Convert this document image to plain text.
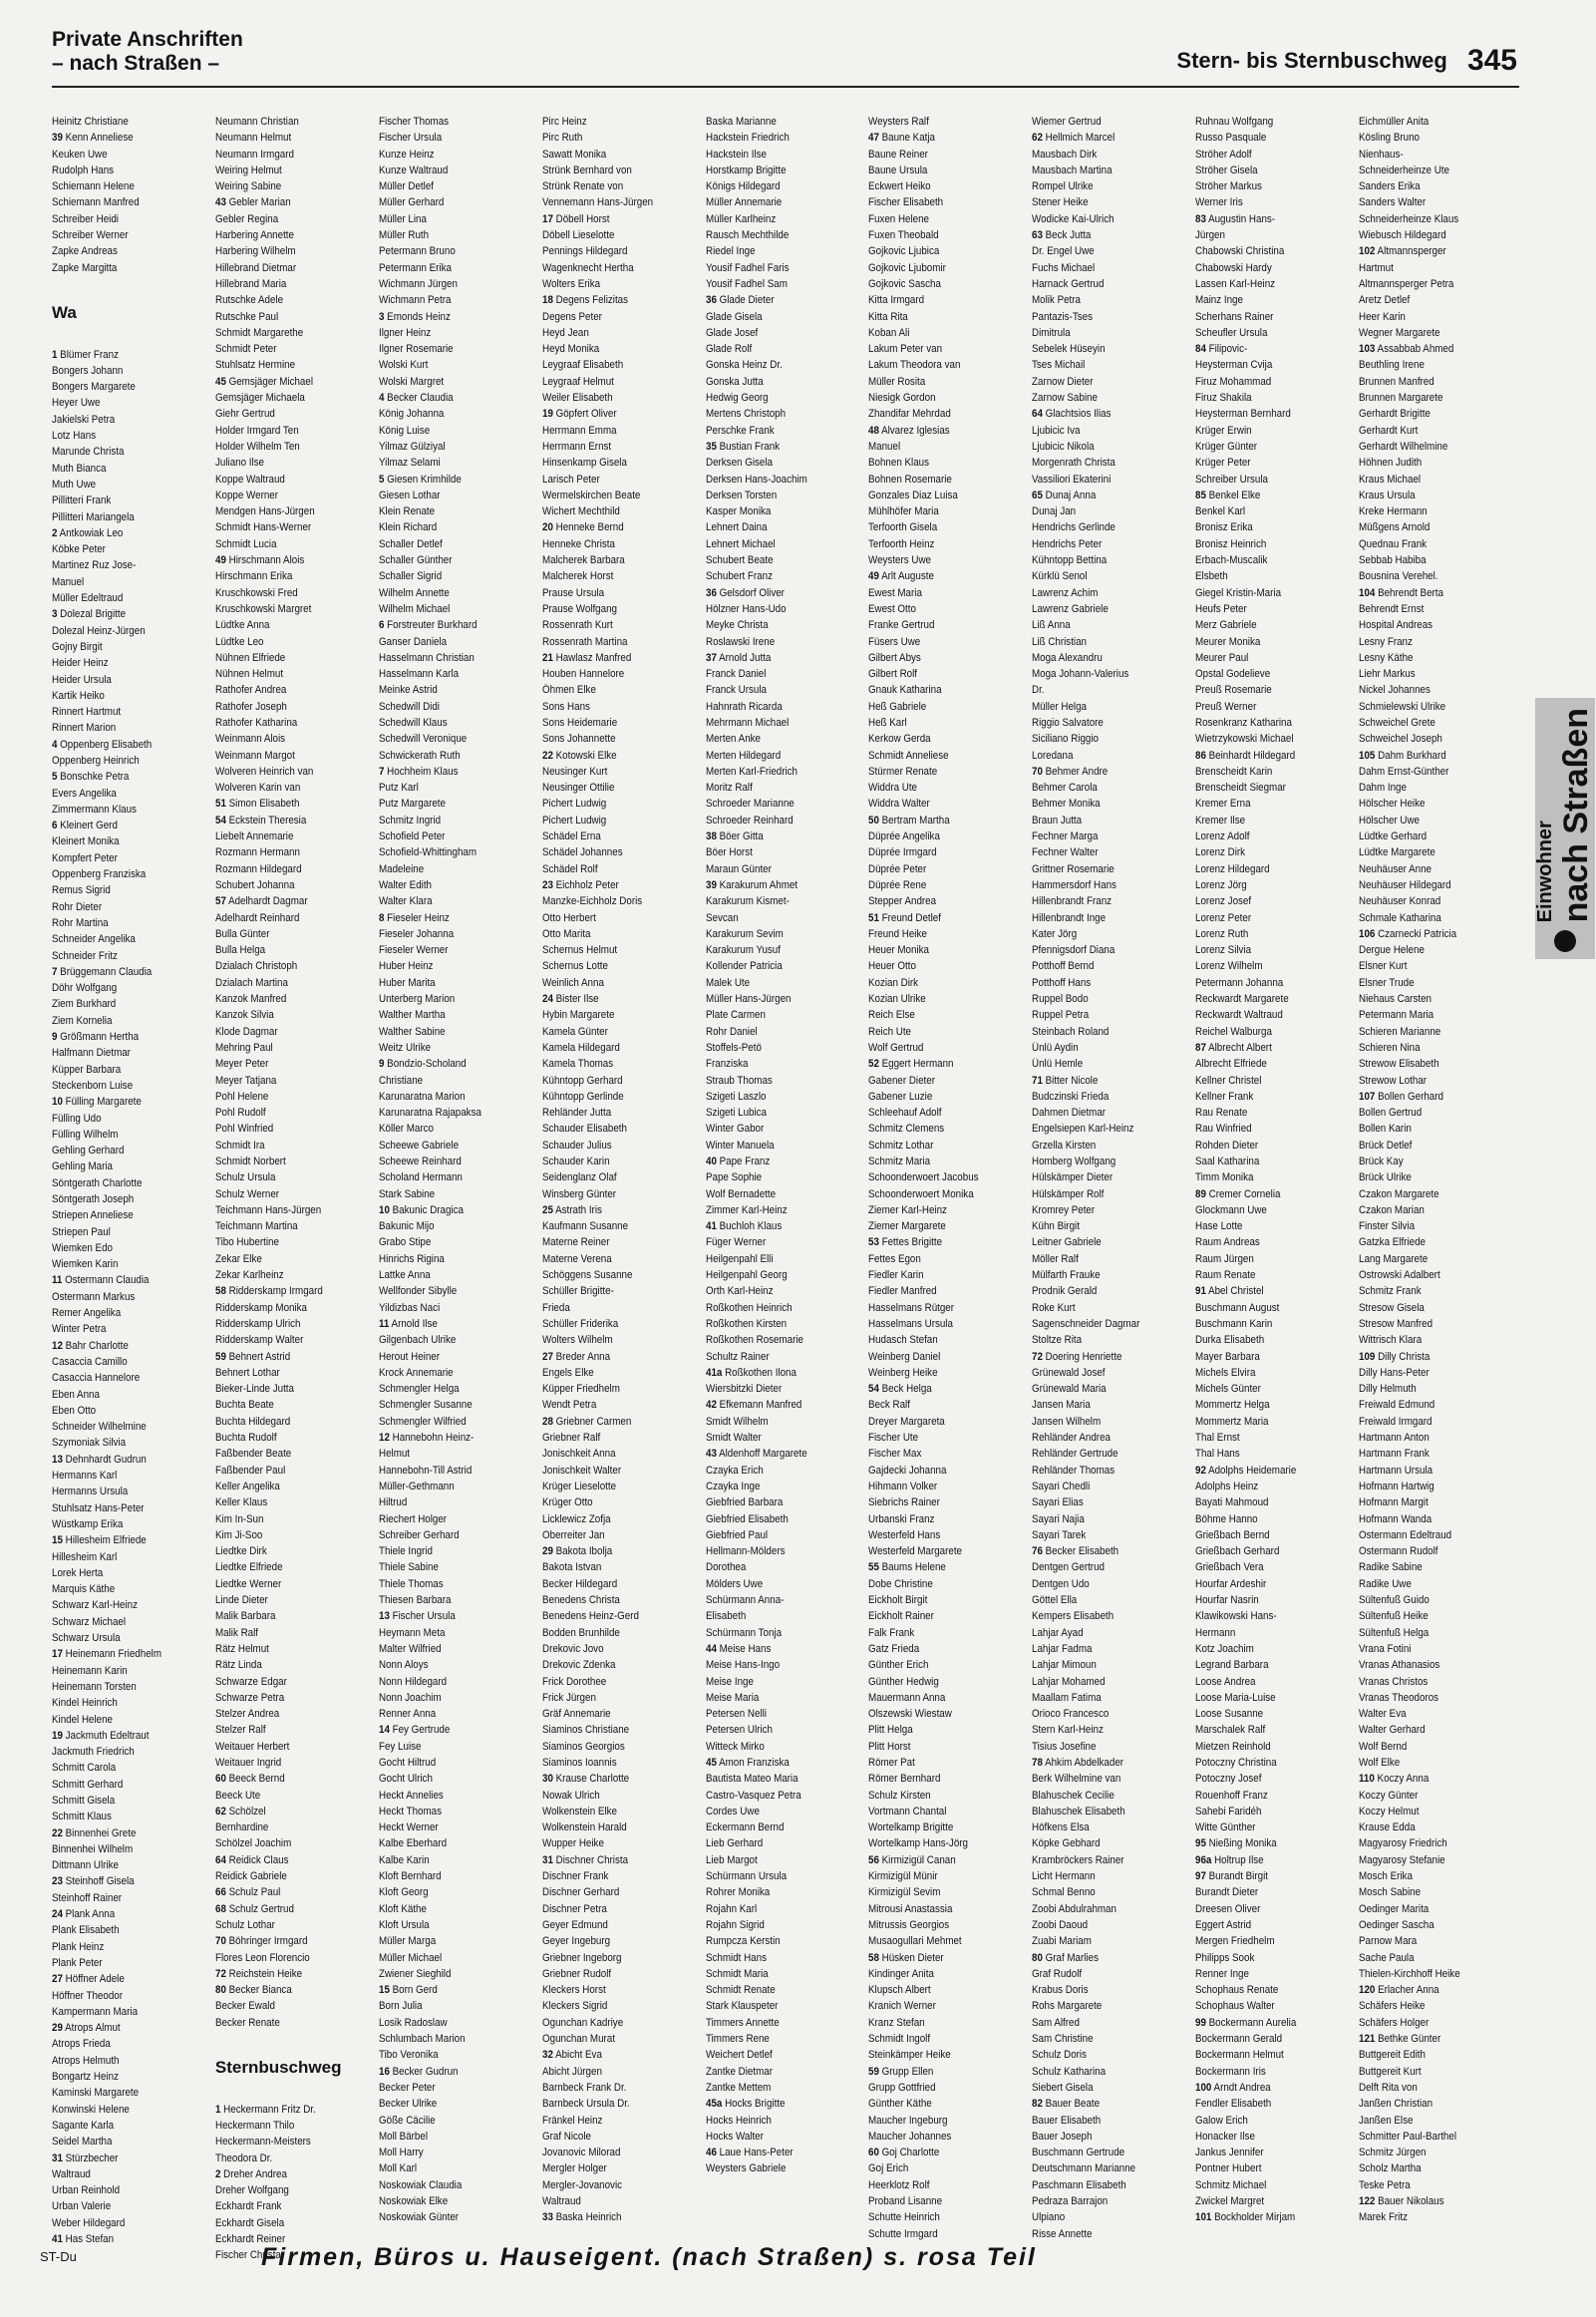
Private Anschriften
– nach Straßen –	Stern- bis Sternbuschweg 345
Heinitz Christiane
39 Kenn Anneliese
Keuken Uwe
Rudolph Hans
Schiemann Helene
Schiemann Manfred
Schreiber Heidi
Schreiber Werner
Zapke Andreas
Zapke Margitta

Wa

1 Blümer Franz
Bongers Johann
Bongers Margarete
Heyer Uwe
Jakielski Petra
Lotz Hans
Marunde Christa
Muth Bianca
Muth Uwe
Pillitteri Frank
Pillitteri Mariangela
2 Antkowiak Leo
Köbke Peter
Martinez Ruz Jose-
Manuel
Müller Edeltraud
3 Dolezal Brigitte
Dolezal Heinz-Jürgen
Gojny Birgit
Heider Heinz
Heider Ursula
Kartik Heiko
Rinnert Hartmut
Rinnert Marion
4 Oppenberg Elisabeth
Oppenberg Heinrich
5 Bonschke Petra
Evers Angelika
Zimmermann Klaus
6 Kleinert Gerd
Kleinert Monika
Kompfert Peter
Oppenberg Franziska
Remus Sigrid
Rohr Dieter
Rohr Martina
Schneider Angelika
Schneider Fritz
7 Brüggemann Claudia
Döhr Wolfgang
Ziem Burkhard
Ziem Kornelia
9 Größmann Hertha
Halfmann Dietmar
Küpper Barbara
Steckenborn Luise
10 Fülling Margarete
Fülling Udo
Fülling Wilhelm
Gehling Gerhard
Gehling Maria
Söntgerath Charlotte
Söntgerath Joseph
Striepen Anneliese
Striepen Paul
Wiemken Edo
Wiemken Karin
11 Ostermann Claudia
Ostermann Markus
Remer Angelika
Winter Petra
12 Bahr Charlotte
Casaccia Camillo
Casaccia Hannelore
Eben Anna
Eben Otto
Schneider Wilhelmine
Szymoniak Silvia
13 Dehnhardt Gudrun
Hermanns Karl
Hermanns Ursula
Stuhlsatz Hans-Peter
Wüstkamp Erika
15 Hillesheim Elfriede
Hillesheim Karl
Lorek Herta
Marquis Käthe
Schwarz Karl-Heinz
Schwarz Michael
Schwarz Ursula
17 Heinemann Friedhelm
Heinemann Karin
Heinemann Torsten
Kindel Heinrich
Kindel Helene
19 Jackmuth Edeltraut
Jackmuth Friedrich
Schmitt Carola
Schmitt Gerhard
Schmitt Gisela
Schmitt Klaus
22 Binnenhei Grete
Binnenhei Wilhelm
Dittmann Ulrike
23 Steinhoff Gisela
Steinhoff Rainer
24 Plank Anna
Plank Elisabeth
Plank Heinz
Plank Peter
27 Höffner Adele
Höffner Theodor
Kampermann Maria
29 Atrops Almut
Atrops Frieda
Atrops Helmuth
Bongartz Heinz
Kaminski Margarete
Konwinski Helene
Sagante Karla
Seidel Martha
31 Stürzbecher
Waltraud
Urban Reinhold
Urban Valerie
Weber Hildegard
41 Has Stefan
Neumann Christian
Neumann Helmut
Neumann Irmgard
Weiring Helmut
Weiring Sabine
43 Gebler Marian
Gebler Regina
Harbering Annette
Harbering Wilhelm
Hillebrand Dietmar
Hillebrand Maria
Rutschke Adele
Rutschke Paul
Schmidt Margarethe
Schmidt Peter
Stuhlsatz Hermine
45 Gemsjäger Michael
Gemsjäger Michaela
Giehr Gertrud
Holder Irmgard Ten
Holder Wilhelm Ten
Juliano Ilse
Koppe Waltraud
Koppe Werner
Mendgen Hans-Jürgen
Schmidt Hans-Werner
Schmidt Lucia
49 Hirschmann Alois
Hirschmann Erika
Kruschkowski Fred
Kruschkowski Margret
Lüdtke Anna
Lüdtke Leo
Nühnen Elfriede
Nühnen Helmut
Rathofer Andrea
Rathofer Joseph
Rathofer Katharina
Weinmann Alois
Weinmann Margot
Wolveren Heinrich van
Wolveren Karin van
51 Simon Elisabeth
54 Eckstein Theresia
Liebelt Annemarie
Rozmann Hermann
Rozmann Hildegard
Schubert Johanna
57 Adelhardt Dagmar
Adelhardt Reinhard
Bulla Günter
Bulla Helga
Dzialach Christoph
Dzialach Martina
Kanzok Manfred
Kanzok Silvia
Klode Dagmar
Mehring Paul
Meyer Peter
Meyer Tatjana
Pohl Helene
Pohl Rudolf
Pohl Winfried
Schmidt Ira
Schmidt Norbert
Schulz Ursula
Schulz Werner
Teichmann Hans-Jürgen
Teichmann Martina
Tibo Hubertine
Zekar Elke
Zekar Karlheinz
58 Ridderskamp Irmgard
Ridderskamp Monika
Ridderskamp Ulrich
Ridderskamp Walter
59 Behnert Astrid
Behnert Lothar
Bieker-Linde Jutta
Buchta Beate
Buchta Hildegard
Buchta Rudolf
Faßbender Beate
Faßbender Paul
Keller Angelika
Keller Klaus
Kim In-Sun
Kim Ji-Soo
Liedtke Dirk
Liedtke Elfriede
Liedtke Werner
Linde Dieter
Malik Barbara
Malik Ralf
Rätz Helmut
Rätz Linda
Schwarze Edgar
Schwarze Petra
Stelzer Andrea
Stelzer Ralf
Weitauer Herbert
Weitauer Ingrid
60 Beeck Bernd
Beeck Ute
62 Schölzel
Bernhardine
Schölzel Joachim
64 Reidick Claus
Reidick Gabriele
66 Schulz Paul
68 Schulz Gertrud
Schulz Lothar
70 Böhringer Irmgard
Flores Leon Florencio
72 Reichstein Heike
80 Becker Bianca
Becker Ewald
Becker Renate

Sternbuschweg

1 Heckermann Fritz Dr.
Heckermann Thilo
Heckermann-Meisters
Theodora Dr.
2 Dreher Andrea
Dreher Wolfgang
Eckhardt Frank
Eckhardt Gisela
Eckhardt Reiner
Fischer Christa
Fischer Thomas
Fischer Ursula
Kunze Heinz
Kunze Waltraud
Müller Detlef
Müller Gerhard
Müller Lina
Müller Ruth
Petermann Bruno
Petermann Erika
Wichmann Jürgen
Wichmann Petra
3 Emonds Heinz
Ilgner Heinz
Ilgner Rosemarie
Wolski Kurt
Wolski Margret
4 Becker Claudia
König Johanna
König Luise
Yilmaz Gülziyal
Yilmaz Selami
5 Giesen Krimhilde
Giesen Lothar
Klein Renate
Klein Richard
Schaller Detlef
Schaller Günther
Schaller Sigrid
Wilhelm Annette
Wilhelm Michael
6 Forstreuter Burkhard
Ganser Daniela
Hasselmann Christian
Hasselmann Karla
Meinke Astrid
Schedwill Didi
Schedwill Klaus
Schedwill Veronique
Schwickerath Ruth
7 Hochheim Klaus
Putz Karl
Putz Margarete
Schmitz Ingrid
Schofield Peter
Schofield-Whittingham
Madeleine
Walter Edith
Walter Klara
8 Fieseler Heinz
Fieseler Johanna
Fieseler Werner
Huber Heinz
Huber Marita
Unterberg Marion
Walther Martha
Walther Sabine
Weitz Ulrike
9 Bondzio-Scholand
Christiane
Karunaratna Marion
Karunaratna Rajapaksa
Köller Marco
Scheewe Gabriele
Scheewe Reinhard
Scholand Hermann
Stark Sabine
10 Bakunic Dragica
Bakunic Mijo
Grabo Stipe
Hinrichs Rigina
Lattke Anna
Wellfonder Sibylle
Yildizbas Naci
11 Arnold Ilse
Gilgenbach Ulrike
Herout Heiner
Krock Annemarie
Schmengler Helga
Schmengler Susanne
Schmengler Wilfried
12 Hannebohn Heinz-
Helmut
Hannebohn-Till Astrid
Müller-Gethmann
Hiltrud
Riechert Holger
Schreiber Gerhard
Thiele Ingrid
Thiele Sabine
Thiele Thomas
Thiesen Barbara
13 Fischer Ursula
Heymann Meta
Malter Wilfried
Nonn Aloys
Nonn Hildegard
Nonn Joachim
Renner Anna
14 Fey Gertrude
Fey Luise
Gocht Hiltrud
Gocht Ulrich
Heckt Annelies
Heckt Thomas
Heckt Werner
Kalbe Eberhard
Kalbe Karin
Kloft Bernhard
Kloft Georg
Kloft Käthe
Kloft Ursula
Müller Marga
Müller Michael
Zwiener Sieghild
15 Born Gerd
Born Julia
Losik Radoslaw
Schlumbach Marion
Tibo Veronika
16 Becker Gudrun
Becker Peter
Becker Ulrike
Göße Cäcilie
Moll Bärbel
Moll Harry
Moll Karl
Noskowiak Claudia
Noskowiak Elke
Noskowiak Günter
Pirc Heinz
Pirc Ruth
Sawatt Monika
Strünk Bernhard von
Strünk Renate von
Vennemann Hans-Jürgen
17 Döbell Horst
Döbell Lieselotte
Pennings Hildegard
Wagenknecht Hertha
Wolters Erika
18 Degens Felizitas
Degens Peter
Heyd Jean
Heyd Monika
Leygraaf Elisabeth
Leygraaf Helmut
Weiler Elisabeth
19 Göpfert Oliver
Herrmann Emma
Herrmann Ernst
Hinsenkamp Gisela
Larisch Peter
Wermelskirchen Beate
Wichert Mechthild
20 Henneke Bernd
Henneke Christa
Malcherek Barbara
Malcherek Horst
Prause Ursula
Prause Wolfgang
Rossenrath Kurt
Rossenrath Martina
21 Hawlasz Manfred
Houben Hannelore
Öhmen Elke
Sons Hans
Sons Heidemarie
Sons Johannette
22 Kotowski Elke
Neusinger Kurt
Neusinger Ottilie
Pichert Ludwig
Pichert Ludwig
Schädel Erna
Schädel Johannes
Schädel Rolf
23 Eichholz Peter
Manzke-Eichholz Doris
Otto Herbert
Otto Marita
Schernus Helmut
Schernus Lotte
Weinlich Anna
24 Bister Ilse
Hybin Margarete
Kamela Günter
Kamela Hildegard
Kamela Thomas
Kühntopp Gerhard
Kühntopp Gerlinde
Rehländer Jutta
Schauder Elisabeth
Schauder Julius
Schauder Karin
Seidenglanz Olaf
Winsberg Günter
25 Astrath Iris
Kaufmann Susanne
Materne Reiner
Materne Verena
Schöggens Susanne
Schüller Brigitte-
Frieda
Schüller Friderika
Wolters Wilhelm
27 Breder Anna
Engels Elke
Küpper Friedhelm
Wendt Petra
28 Griebner Carmen
Griebner Ralf
Jonischkeit Anna
Jonischkeit Walter
Krüger Lieselotte
Krüger Otto
Licklewicz Zofja
Oberreiter Jan
29 Bakota Ibolja
Bakota Istvan
Becker Hildegard
Benedens Christa
Benedens Heinz-Gerd
Bodden Brunhilde
Drekovic Jovo
Drekovic Zdenka
Frick Dorothee
Frick Jürgen
Gräf Annemarie
Siaminos Christiane
Siaminos Georgios
Siaminos Ioannis
30 Krause Charlotte
Nowak Ulrich
Wolkenstein Elke
Wolkenstein Harald
Wupper Heike
31 Dischner Christa
Dischner Frank
Dischner Gerhard
Dischner Petra
Geyer Edmund
Geyer Ingeburg
Griebner Ingeborg
Griebner Rudolf
Kleckers Horst
Kleckers Sigrid
Ogunchan Kadriye
Ogunchan Murat
32 Abicht Eva
Abicht Jürgen
Barnbeck Frank Dr.
Barnbeck Ursula Dr.
Fränkel Heinz
Graf Nicole
Jovanovic Milorad
Mergler Holger
Mergler-Jovanovic
Waltraud
33 Baska Heinrich
Baska Marianne
Hackstein Friedrich
Hackstein Ilse
Horstkamp Brigitte
Königs Hildegard
Müller Annemarie
Müller Karlheinz
Rausch Mechthilde
Riedel Inge
Yousif Fadhel Faris
Yousif Fadhel Sam
36 Glade Dieter
Glade Gisela
Glade Josef
Glade Rolf
Gonska Heinz Dr.
Gonska Jutta
Hedwig Georg
Mertens Christoph
Perschke Frank
35 Bustian Frank
Derksen Gisela
Derksen Hans-Joachim
Derksen Torsten
Kasper Monika
Lehnert Daina
Lehnert Michael
Schubert Beate
Schubert Franz
36 Gelsdorf Oliver
Hölzner Hans-Udo
Meyke Christa
Roslawski Irene
37 Arnold Jutta
Franck Daniel
Franck Ursula
Hahnrath Ricarda
Mehrmann Michael
Merten Anke
Merten Hildegard
Merten Karl-Friedrich
Moritz Ralf
Schroeder Marianne
Schroeder Reinhard
38 Böer Gitta
Böer Horst
Maraun Günter
39 Karakurum Ahmet
Karakurum Kismet-
Sevcan
Karakurum Sevim
Karakurum Yusuf
Kollender Patricia
Malek Ute
Müller Hans-Jürgen
Plate Carmen
Rohr Daniel
Stoffels-Petö
Franziska
Straub Thomas
Szigeti Laszlo
Szigeti Lubica
Winter Gabor
Winter Manuela
40 Pape Franz
Pape Sophie
Wolf Bernadette
Zimmer Karl-Heinz
41 Buchloh Klaus
Füger Werner
Heilgenpahl Elli
Heilgenpahl Georg
Orth Karl-Heinz
Roßkothen Heinrich
Roßkothen Kirsten
Roßkothen Rosemarie
Schultz Rainer
41a Roßkothen Ilona
Wiersbitzki Dieter
42 Efkemann Manfred
Smidt Wilhelm
Smidt Walter
43 Aldenhoff Margarete
Czayka Erich
Czayka Inge
Giebfried Barbara
Giebfried Elisabeth
Giebfried Paul
Hellmann-Mölders
Dorothea
Mölders Uwe
Schürmann Anna-
Elisabeth
Schürmann Tonja
44 Meise Hans
Meise Hans-Ingo
Meise Inge
Meise Maria
Petersen Nelli
Petersen Ulrich
Witteck Mirko
45 Amon Franziska
Bautista Mateo Maria
Castro-Vasquez Petra
Cordes Uwe
Eckermann Bernd
Lieb Gerhard
Lieb Margot
Schürmann Ursula
Rohrer Monika
Rojahn Karl
Rojahn Sigrid
Rumpcza Kerstin
Schmidt Hans
Schmidt Maria
Schmidt Renate
Stark Klauspeter
Timmers Annette
Timmers Rene
Weichert Detlef
Zantke Dietmar
Zantke Mettem
45a Hocks Brigitte
Hocks Heinrich
Hocks Walter
46 Laue Hans-Peter
Weysters Gabriele
Weysters Ralf
47 Baune Katja
Baune Reiner
Baune Ursula
Eckwert Heiko
Fischer Elisabeth
Fuxen Helene
Fuxen Theobald
Gojkovic Ljubica
Gojkovic Ljubomir
Gojkovic Sascha
Kitta Irmgard
Kitta Rita
Koban Ali
Lakum Peter van
Lakum Theodora van
Müller Rosita
Niesigk Gordon
Zhandifar Mehrdad
48 Alvarez Iglesias
Manuel
Bohnen Klaus
Bohnen Rosemarie
Gonzales Diaz Luisa
Mühlhöfer Maria
Terfoorth Gisela
Terfoorth Heinz
Weysters Uwe
49 Arlt Auguste
Ewest Maria
Ewest Otto
Franke Gertrud
Füsers Uwe
Gilbert Abys
Gilbert Rolf
Gnauk Katharina
Heß Gabriele
Heß Karl
Kerkow Gerda
Schmidt Anneliese
Stürmer Renate
Widdra Ute
Widdra Walter
50 Bertram Martha
Düprée Angelika
Düprée Irmgard
Düprée Peter
Düprée Rene
Stepper Andrea
51 Freund Detlef
Freund Heike
Heuer Monika
Heuer Otto
Kozian Dirk
Kozian Ulrike
Reich Else
Reich Ute
Wolf Gertrud
52 Eggert Hermann
Gabener Dieter
Gabener Luzie
Schleehauf Adolf
Schmitz Clemens
Schmitz Lothar
Schmitz Maria
Schoonderwoert Jacobus
Schoonderwoert Monika
Ziemer Karl-Heinz
Ziemer Margarete
53 Fettes Brigitte
Fettes Egon
Fiedler Karin
Fiedler Manfred
Hasselmans Rütger
Hasselmans Ursula
Hudasch Stefan
Weinberg Daniel
Weinberg Heike
54 Beck Helga
Beck Ralf
Dreyer Margareta
Fischer Ute
Fischer Max
Gajdecki Johanna
Hihmann Volker
Siebrichs Rainer
Urbanski Franz
Westerfeld Hans
Westerfeld Margarete
55 Baums Helene
Dobe Christine
Eickholt Birgit
Eickholt Rainer
Falk Frank
Gatz Frieda
Günther Erich
Günther Hedwig
Mauermann Anna
Olszewski Wiestaw
Plitt Helga
Plitt Horst
Römer Pat
Römer Bernhard
Schulz Kirsten
Vortmann Chantal
Wortelkamp Brigitte
Wortelkamp Hans-Jörg
56 Kirmizigül Canan
Kirmizigül Münir
Kirmizigül Sevim
Mitrousi Anastassia
Mitrussis Georgios
Musaogullari Mehmet
58 Hüsken Dieter
Kindinger Anita
Klupsch Albert
Kranich Werner
Kranz Stefan
Schmidt Ingolf
Steinkämper Heike
59 Grupp Ellen
Grupp Gottfried
Günther Käthe
Maucher Ingeburg
Maucher Johannes
60 Goj Charlotte
Goj Erich
Heerklotz Rolf
Proband Lisanne
Schutte Heinrich
Schutte Irmgard
Wiemer Gertrud
62 Hellmich Marcel
Mausbach Dirk
Mausbach Martina
Rompel Ulrike
Stener Heike
Wodicke Kai-Ulrich
63 Beck Jutta
Dr. Engel Uwe
Fuchs Michael
Harnack Gertrud
Molik Petra
Pantazis-Tses
Dimitrula
Sebelek Hüseyin
Tses Michail
Zarnow Dieter
Zarnow Sabine
64 Glachtsios Ilias
Ljubicic Iva
Ljubicic Nikola
Morgenrath Christa
Vassiliori Ekaterini
65 Dunaj Anna
Dunaj Jan
Hendrichs Gerlinde
Hendrichs Peter
Kühntopp Bettina
Kürklü Senol
Lawrenz Achim
Lawrenz Gabriele
Liß Anna
Liß Christian
Moga Alexandru
Moga Johann-Valerius
Dr.
Müller Helga
Riggio Salvatore
Siciliano Riggio
Loredana
70 Behmer Andre
Behmer Carola
Behmer Monika
Braun Jutta
Fechner Marga
Fechner Walter
Grittner Rosemarie
Hammersdorf Hans
Hillenbrandt Franz
Hillenbrandt Inge
Kater Jörg
Pfennigsdorf Diana
Potthoff Bernd
Potthoff Hans
Ruppel Bodo
Ruppel Petra
Steinbach Roland
Ünlü Aydin
Ünlü Hemle
71 Bitter Nicole
Budczinski Frieda
Dahmen Dietmar
Engelsiepen Karl-Heinz
Grzella Kirsten
Homberg Wolfgang
Hülskämper Dieter
Hülskämper Rolf
Kromrey Peter
Kühn Birgit
Leitner Gabriele
Möller Ralf
Mülfarth Frauke
Prodnik Gerald
Roke Kurt
Sagenschneider Dagmar
Stoltze Rita
72 Doering Henriette
Grünewald Josef
Grünewald Maria
Jansen Maria
Jansen Wilhelm
Rehländer Andrea
Rehländer Gertrude
Rehländer Thomas
Sayari Chedli
Sayari Elias
Sayari Najia
Sayari Tarek
76 Becker Elisabeth
Dentgen Gertrud
Dentgen Udo
Göttel Ella
Kempers Elisabeth
Lahjar Ayad
Lahjar Fadma
Lahjar Mimoun
Lahjar Mohamed
Maallam Fatima
Orioco Francesco
Stern Karl-Heinz
Tisius Josefine
78 Ahkim Abdelkader
Berk Wilhelmine van
Blahuschek Cecilie
Blahuschek Elisabeth
Höfkens Elsa
Köpke Gebhard
Krambröckers Rainer
Licht Hermann
Schmal Benno
Zoobi Abdulrahman
Zoobi Daoud
Zuabi Mariam
80 Graf Marlies
Graf Rudolf
Krabus Doris
Rohs Margarete
Sam Alfred
Sam Christine
Schulz Doris
Schulz Katharina
Siebert Gisela
82 Bauer Beate
Bauer Elisabeth
Bauer Joseph
Buschmann Gertrude
Deutschmann Marianne
Paschmann Elisabeth
Pedraza Barrajon
Ulpiano
Risse Annette
Ruhnau Wolfgang
Russo Pasquale
Ströher Adolf
Ströher Gisela
Ströher Markus
Werner Iris
83 Augustin Hans-
Jürgen
Chabowski Christina
Chabowski Hardy
Lassen Karl-Heinz
Mainz Inge
Scherhans Rainer
Scheufler Ursula
84 Filipovic-
Heysterman Cvija
Firuz Mohammad
Firuz Shakila
Heysterman Bernhard
Krüger Erwin
Krüger Günter
Krüger Peter
Schreiber Ursula
85 Benkel Elke
Benkel Karl
Bronisz Erika
Bronisz Heinrich
Erbach-Muscalik
Elsbeth
Giegel Kristin-Maria
Heufs Peter
Merz Gabriele
Meurer Monika
Meurer Paul
Opstal Godelieve
Preuß Rosemarie
Preuß Werner
Rosenkranz Katharina
Wietrzykowski Michael
86 Beinhardt Hildegard
Brenscheidt Karin
Brenscheidt Siegmar
Kremer Erna
Kremer Ilse
Lorenz Adolf
Lorenz Dirk
Lorenz Hildegard
Lorenz Jörg
Lorenz Josef
Lorenz Peter
Lorenz Ruth
Lorenz Silvia
Lorenz Wilhelm
Petermann Johanna
Reckwardt Margarete
Reckwardt Waltraud
Reichel Walburga
87 Albrecht Albert
Albrecht Elfriede
Kellner Christel
Kellner Frank
Rau Renate
Rau Winfried
Rohden Dieter
Saal Katharina
Timm Monika
89 Cremer Cornelia
Glockmann Uwe
Hase Lotte
Raum Andreas
Raum Jürgen
Raum Renate
91 Abel Christel
Buschmann August
Buschmann Karin
Durka Elisabeth
Mayer Barbara
Michels Elvira
Michels Günter
Mommertz Helga
Mommertz Maria
Thal Ernst
Thal Hans
92 Adolphs Heidemarie
Adolphs Heinz
Bayati Mahmoud
Böhme Hanno
Grießbach Bernd
Grießbach Gerhard
Grießbach Vera
Hourfar Ardeshir
Hourfar Nasrin
Klawikowski Hans-
Hermann
Kotz Joachim
Legrand Barbara
Loose Andrea
Loose Maria-Luise
Loose Susanne
Marschalek Ralf
Mietzen Reinhold
Potoczny Christina
Potoczny Josef
Rouenhoff Franz
Sahebi Faridéh
Witte Günther
95 Nießing Monika
96a Holtrup Ilse
97 Burandt Birgit
Burandt Dieter
Dreesen Oliver
Eggert Astrid
Mergen Friedhelm
Philipps Sook
Renner Inge
Schophaus Renate
Schophaus Walter
99 Bockermann Aurelia
Bockermann Gerald
Bockermann Helmut
Bockermann Iris
100 Arndt Andrea
Fendler Elisabeth
Galow Erich
Honacker Ilse
Jankus Jennifer
Pontner Hubert
Schmitz Michael
Zwickel Margret
101 Bockholder Mirjam
Eichmüller Anita
Kösling Bruno
Nienhaus-
Schneiderheinze Ute
Sanders Erika
Sanders Walter
Schneiderheinze Klaus
Wiebusch Hildegard
102 Altmannsperger
Hartmut
Altmannsperger Petra
Aretz Detlef
Heer Karin
Wegner Margarete
103 Assabbab Ahmed
Beuthling Irene
Brunnen Manfred
Brunnen Margarete
Gerhardt Brigitte
Gerhardt Kurt
Gerhardt Wilhelmine
Höhnen Judith
Kraus Michael
Kraus Ursula
Kreke Hermann
Müßgens Arnold
Quednau Frank
Sebbab Habiba
Bousnina Verehel.
104 Behrendt Berta
Behrendt Ernst
Hospital Andreas
Lesny Franz
Lesny Käthe
Liehr Markus
Nickel Johannes
Schmielewski Ulrike
Schweichel Grete
Schweichel Joseph
105 Dahm Burkhard
Dahm Ernst-Günther
Dahm Inge
Hölscher Heike
Hölscher Uwe
Lüdtke Gerhard
Lüdtke Margarete
Neuhäuser Anne
Neuhäuser Hildegard
Neuhäuser Konrad
Schmale Katharina
106 Czarnecki Patricia
Dergue Helene
Elsner Kurt
Elsner Trude
Niehaus Carsten
Petermann Maria
Schieren Marianne
Schieren Nina
Strewow Elisabeth
Strewow Lothar
107 Bollen Gerhard
Bollen Gertrud
Bollen Karin
Brück Detlef
Brück Kay
Brück Ulrike
Czakon Margarete
Czakon Marian
Finster Silvia
Gatzka Elfriede
Lang Margarete
Ostrowski Adalbert
Schmitz Frank
Stresow Gisela
Stresow Manfred
Wittrisch Klara
109 Dilly Christa
Dilly Hans-Peter
Dilly Helmuth
Freiwald Edmund
Freiwald Irmgard
Hartmann Anton
Hartmann Frank
Hartmann Ursula
Hofmann Hartwig
Hofmann Margit
Hofmann Wanda
Ostermann Edeltraud
Ostermann Rudolf
Radike Sabine
Radike Uwe
Sültenfuß Guido
Sültenfuß Heike
Sültenfuß Helga
Vrana Fotini
Vranas Athanasios
Vranas Christos
Vranas Theodoros
Walter Eva
Walter Gerhard
Wolf Bernd
Wolf Elke
110 Koczy Anna
Koczy Günter
Koczy Helmut
Krause Edda
Magyarosy Friedrich
Magyarosy Stefanie
Mosch Erika
Mosch Sabine
Oedinger Marita
Oedinger Sascha
Parnow Mara
Sache Paula
Thielen-Kirchhoff Heike
120 Erlacher Anna
Schäfers Heike
Schäfers Holger
121 Bethke Günter
Buttgereit Edith
Buttgereit Kurt
Delft Rita von
Janßen Christian
Janßen Else
Schmitter Paul-Barthel
Schmitz Jürgen
Scholz Martha
Teske Petra
122 Bauer Nikolaus
Marek Fritz
Einwohner
nach Straßen
ST-Du	Firmen, Büros u. Hauseigent. (nach Straßen) s. rosa Teil
